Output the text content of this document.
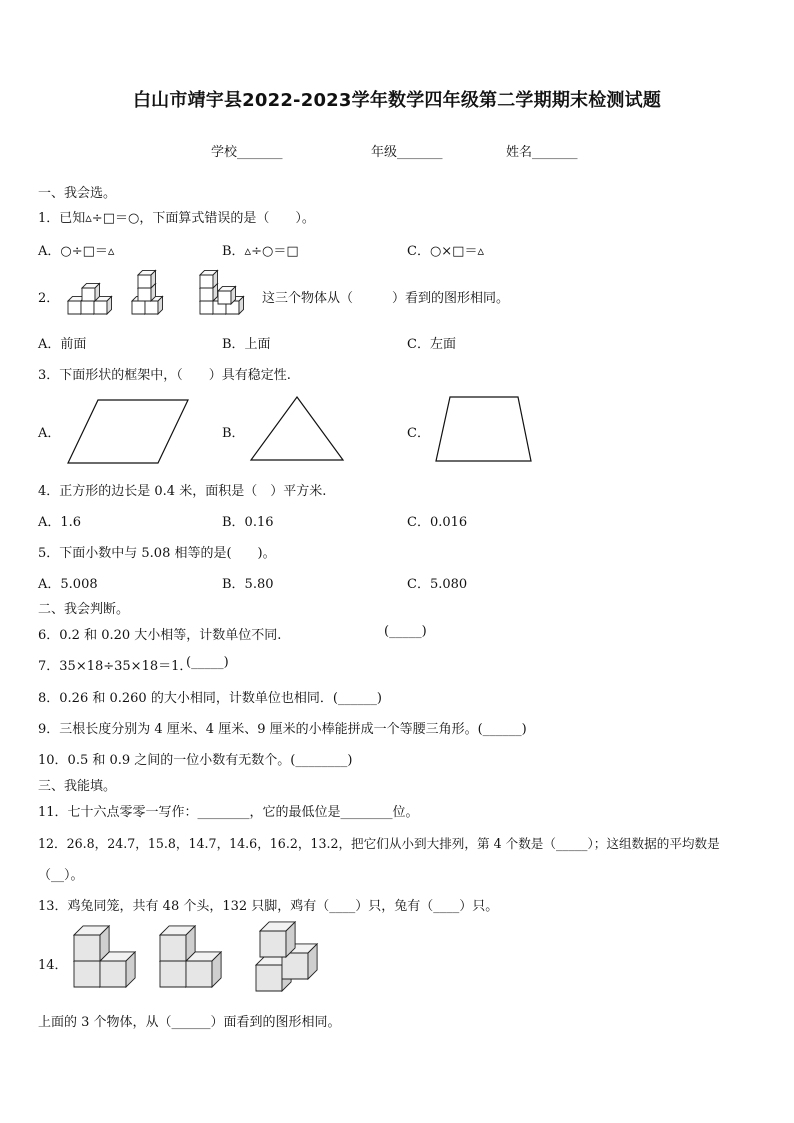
白山市靖宇县2022-2023学年数学四年级第二学期期末检测试题
学校_______	年级_______	姓名_______
一、我会选。
1．已知▵÷□＝○，下面算式错误的是（　　）。
A．○÷□＝▵	B．▵÷○＝□	C．○×□＝▵
2．	这三个物体从（　　　）看到的图形相同。
A．前面	B．上面	C．左面
3．下面形状的框架中，（　　）具有稳定性.
A．	B．	C．
4．正方形的边长是 0.4 米，面积是（　）平方米.
A．1.6	B．0.16	C．0.016
5．下面小数中与 5.08 相等的是(　　)。
A．5.008	B．5.80	C．5.080
二、我会判断。
6．0.2 和 0.20 大小相等，计数单位不同.	(_____)
7．35×18÷35×18＝1．
(_____)
8．0.26 和 0.260 的大小相同，计数单位也相同．(______)
9．三根长度分别为 4 厘米、4 厘米、9 厘米的小棒能拼成一个等腰三角形。(______)
10．0.5 和 0.9 之间的一位小数有无数个。(________)
三、我能填。
11．七十六点零零一写作：________，它的最低位是________位。
12．26.8，24.7，15.8，14.7，14.6，16.2，13.2，把它们从小到大排列，第 4 个数是（_____）；这组数据的平均数是
（__）。
13．鸡兔同笼，共有 48 个头，132 只脚，鸡有（____）只，兔有（____）只。
14．
上面的 3 个物体，从（______）面看到的图形相同。
